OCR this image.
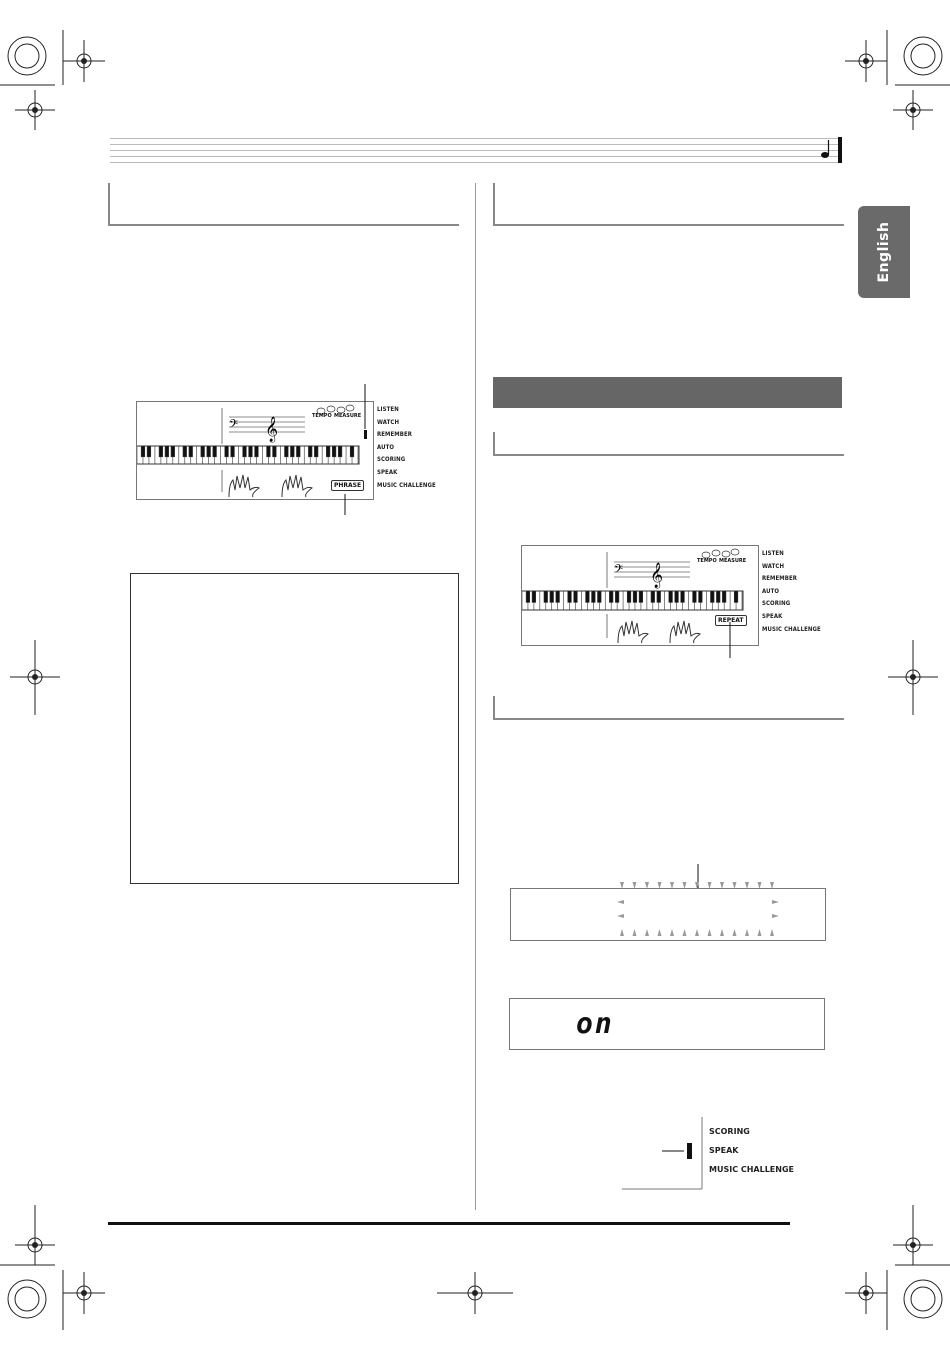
English
𝄢 𝄞
TEMPO MEASURE
PHRASE
LISTEN
WATCH
REMEMBER
AUTO
SCORING
SPEAK
MUSIC CHALLENGE
𝄢 𝄞
TEMPO MEASURE
REPEAT
LISTEN
WATCH
REMEMBER
AUTO
SCORING
SPEAK
MUSIC CHALLENGE
on
SCORING
SPEAK
MUSIC CHALLENGE
